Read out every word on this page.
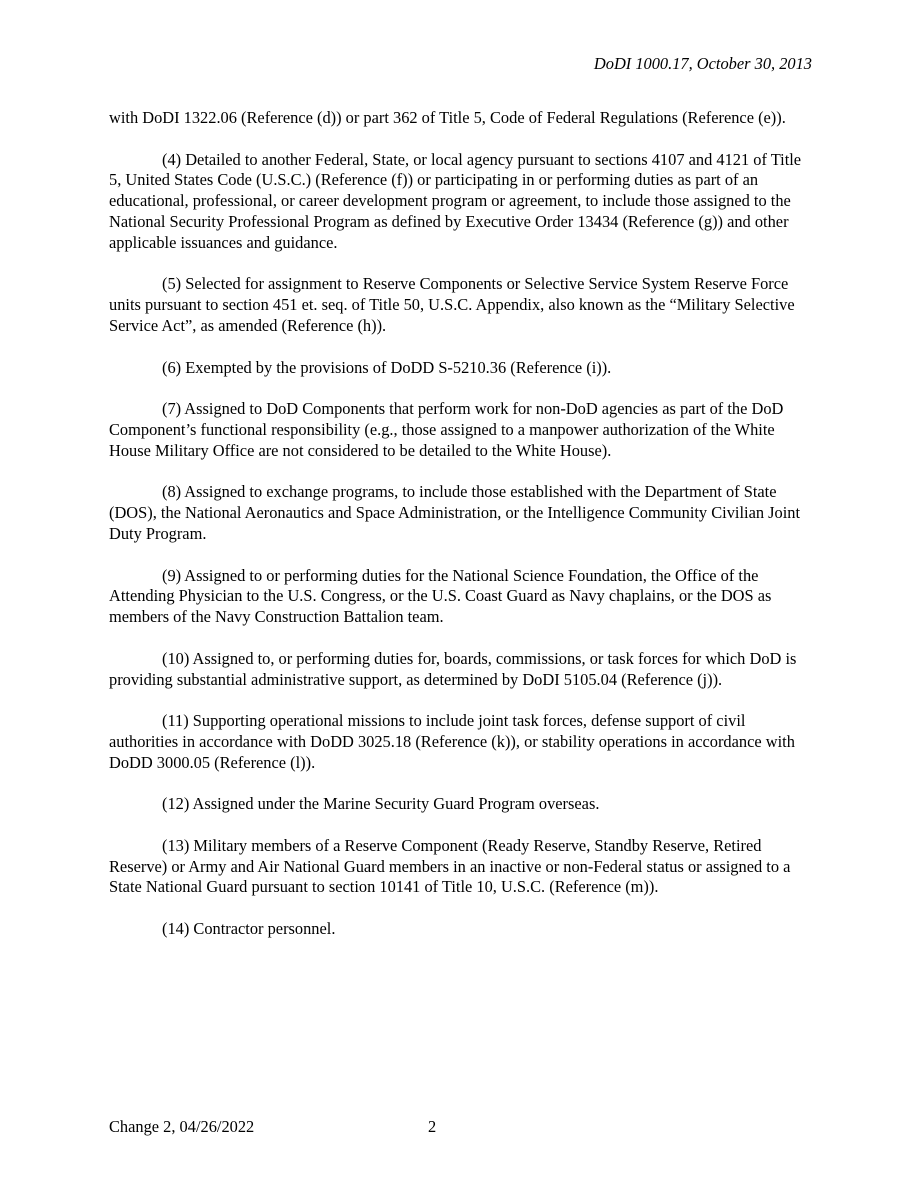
DoDI 1000.17, October 30, 2013

with DoDI 1322.06 (Reference (d)) or part 362 of Title 5, Code of Federal Regulations (Reference (e)).

(4) Detailed to another Federal, State, or local agency pursuant to sections 4107 and 4121 of Title 5, United States Code (U.S.C.) (Reference (f)) or participating in or performing duties as part of an educational, professional, or career development program or agreement, to include those assigned to the National Security Professional Program as defined by Executive Order 13434 (Reference (g)) and other applicable issuances and guidance.

(5) Selected for assignment to Reserve Components or Selective Service System Reserve Force units pursuant to section 451 et. seq. of Title 50, U.S.C. Appendix, also known as the “Military Selective Service Act”, as amended (Reference (h)).

(6) Exempted by the provisions of DoDD S-5210.36 (Reference (i)).

(7) Assigned to DoD Components that perform work for non-DoD agencies as part of the DoD Component’s functional responsibility (e.g., those assigned to a manpower authorization of the White House Military Office are not considered to be detailed to the White House).

(8) Assigned to exchange programs, to include those established with the Department of State (DOS), the National Aeronautics and Space Administration, or the Intelligence Community Civilian Joint Duty Program.

(9) Assigned to or performing duties for the National Science Foundation, the Office of the Attending Physician to the U.S. Congress, or the U.S. Coast Guard as Navy chaplains, or the DOS as members of the Navy Construction Battalion team.

(10) Assigned to, or performing duties for, boards, commissions, or task forces for which DoD is providing substantial administrative support, as determined by DoDI 5105.04 (Reference (j)).

(11) Supporting operational missions to include joint task forces, defense support of civil authorities in accordance with DoDD 3025.18 (Reference (k)), or stability operations in accordance with DoDD 3000.05 (Reference (l)).

(12) Assigned under the Marine Security Guard Program overseas.

(13) Military members of a Reserve Component (Ready Reserve, Standby Reserve, Retired Reserve) or Army and Air National Guard members in an inactive or non-Federal status or assigned to a State National Guard pursuant to section 10141 of Title 10, U.S.C. (Reference (m)).

(14) Contractor personnel.

Change 2, 04/26/2022	2
